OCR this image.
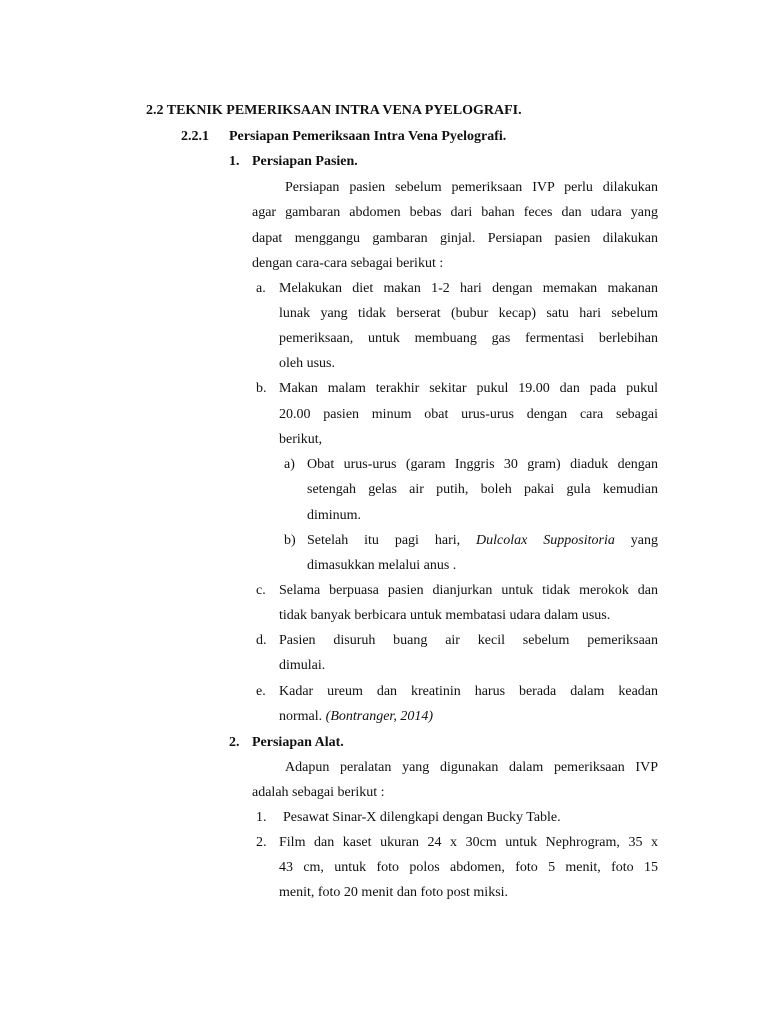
2.2 TEKNIK PEMERIKSAAN INTRA VENA PYELOGRAFI.
2.2.1 Persiapan Pemeriksaan Intra Vena Pyelografi.
1. Persiapan Pasien.
Persiapan pasien sebelum pemeriksaan IVP perlu dilakukan
agar gambaran abdomen bebas dari bahan feces dan udara yang
dapat menggangu gambaran ginjal. Persiapan pasien dilakukan
dengan cara-cara sebagai berikut :
a. Melakukan diet makan 1-2 hari dengan memakan makanan
lunak yang tidak berserat (bubur kecap) satu hari sebelum
pemeriksaan, untuk membuang gas fermentasi berlebihan
oleh usus.
b. Makan malam terakhir sekitar pukul 19.00 dan pada pukul
20.00 pasien minum obat urus-urus dengan cara sebagai
berikut,
a) Obat urus-urus (garam Inggris 30 gram) diaduk dengan
setengah gelas air putih, boleh pakai gula kemudian
diminum.
b) Setelah itu pagi hari, Dulcolax Suppositoria yang
dimasukkan melalui anus .
c. Selama berpuasa pasien dianjurkan untuk tidak merokok dan
tidak banyak berbicara untuk membatasi udara dalam usus.
d. Pasien disuruh buang air kecil sebelum pemeriksaan
dimulai.
e. Kadar ureum dan kreatinin harus berada dalam keadan
normal. (Bontranger, 2014)
2. Persiapan Alat.
Adapun peralatan yang digunakan dalam pemeriksaan IVP
adalah sebagai berikut :
1. Pesawat Sinar-X dilengkapi dengan Bucky Table.
2. Film dan kaset ukuran 24 x 30cm untuk Nephrogram, 35 x
43 cm, untuk foto polos abdomen, foto 5 menit, foto 15
menit, foto 20 menit dan foto post miksi.
